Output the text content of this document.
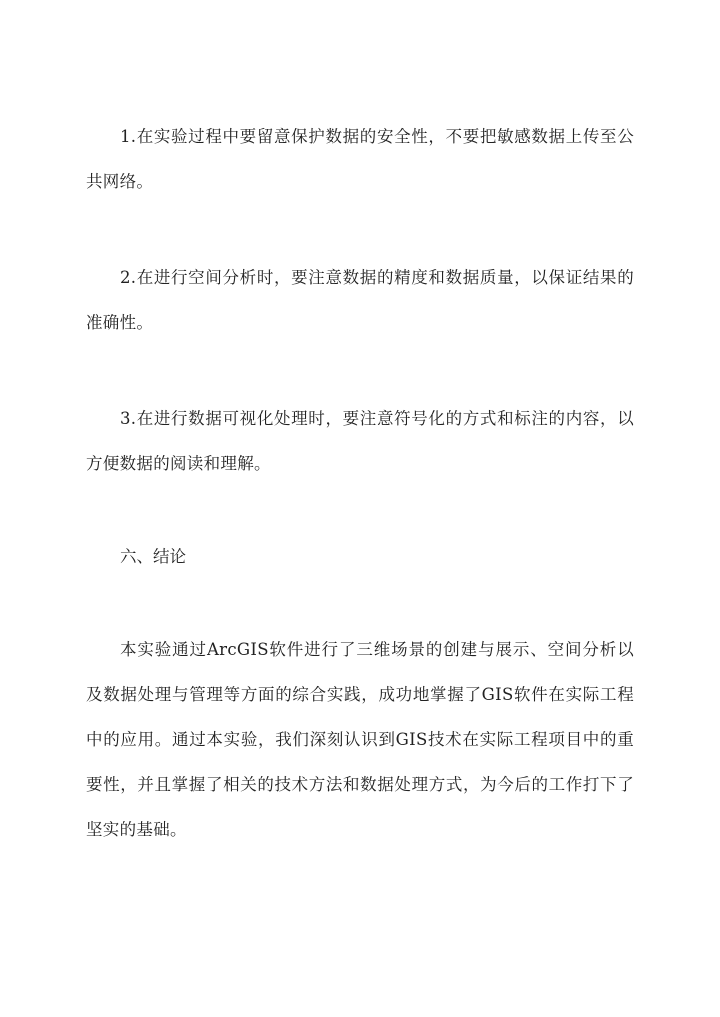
1.在实验过程中要留意保护数据的安全性，不要把敏感数据上传至公共网络。

2.在进行空间分析时，要注意数据的精度和数据质量，以保证结果的准确性。

3.在进行数据可视化处理时，要注意符号化的方式和标注的内容，以方便数据的阅读和理解。

六、结论

本实验通过ArcGIS软件进行了三维场景的创建与展示、空间分析以及数据处理与管理等方面的综合实践，成功地掌握了GIS软件在实际工程中的应用。通过本实验，我们深刻认识到GIS技术在实际工程项目中的重要性，并且掌握了相关的技术方法和数据处理方式，为今后的工作打下了坚实的基础。
